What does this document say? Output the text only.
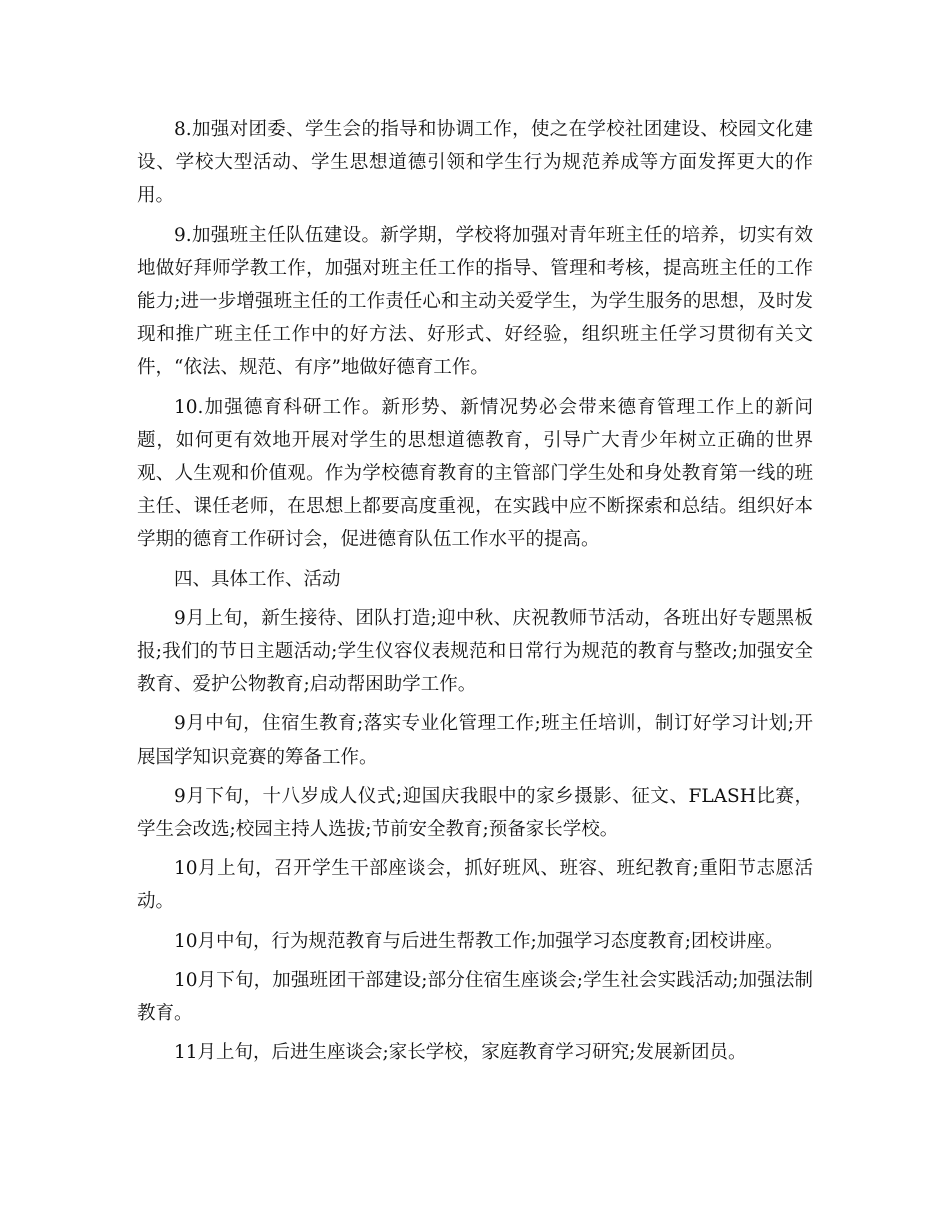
8.加强对团委、学生会的指导和协调工作，使之在学校社团建设、校园文化建设、学校大型活动、学生思想道德引领和学生行为规范养成等方面发挥更大的作用。

9.加强班主任队伍建设。新学期，学校将加强对青年班主任的培养，切实有效地做好拜师学教工作，加强对班主任工作的指导、管理和考核，提高班主任的工作能力;进一步增强班主任的工作责任心和主动关爱学生，为学生服务的思想，及时发现和推广班主任工作中的好方法、好形式、好经验，组织班主任学习贯彻有关文件，“依法、规范、有序”地做好德育工作。

10.加强德育科研工作。新形势、新情况势必会带来德育管理工作上的新问题，如何更有效地开展对学生的思想道德教育，引导广大青少年树立正确的世界观、人生观和价值观。作为学校德育教育的主管部门学生处和身处教育第一线的班主任、课任老师，在思想上都要高度重视，在实践中应不断探索和总结。组织好本学期的德育工作研讨会，促进德育队伍工作水平的提高。

四、具体工作、活动

9月上旬，新生接待、团队打造;迎中秋、庆祝教师节活动，各班出好专题黑板报;我们的节日主题活动;学生仪容仪表规范和日常行为规范的教育与整改;加强安全教育、爱护公物教育;启动帮困助学工作。

9月中旬，住宿生教育;落实专业化管理工作;班主任培训，制订好学习计划;开展国学知识竞赛的筹备工作。

9月下旬，十八岁成人仪式;迎国庆我眼中的家乡摄影、征文、FLASH比赛，学生会改选;校园主持人选拔;节前安全教育;预备家长学校。

10月上旬，召开学生干部座谈会，抓好班风、班容、班纪教育;重阳节志愿活动。

10月中旬，行为规范教育与后进生帮教工作;加强学习态度教育;团校讲座。

10月下旬，加强班团干部建设;部分住宿生座谈会;学生社会实践活动;加强法制教育。

11月上旬，后进生座谈会;家长学校，家庭教育学习研究;发展新团员。
